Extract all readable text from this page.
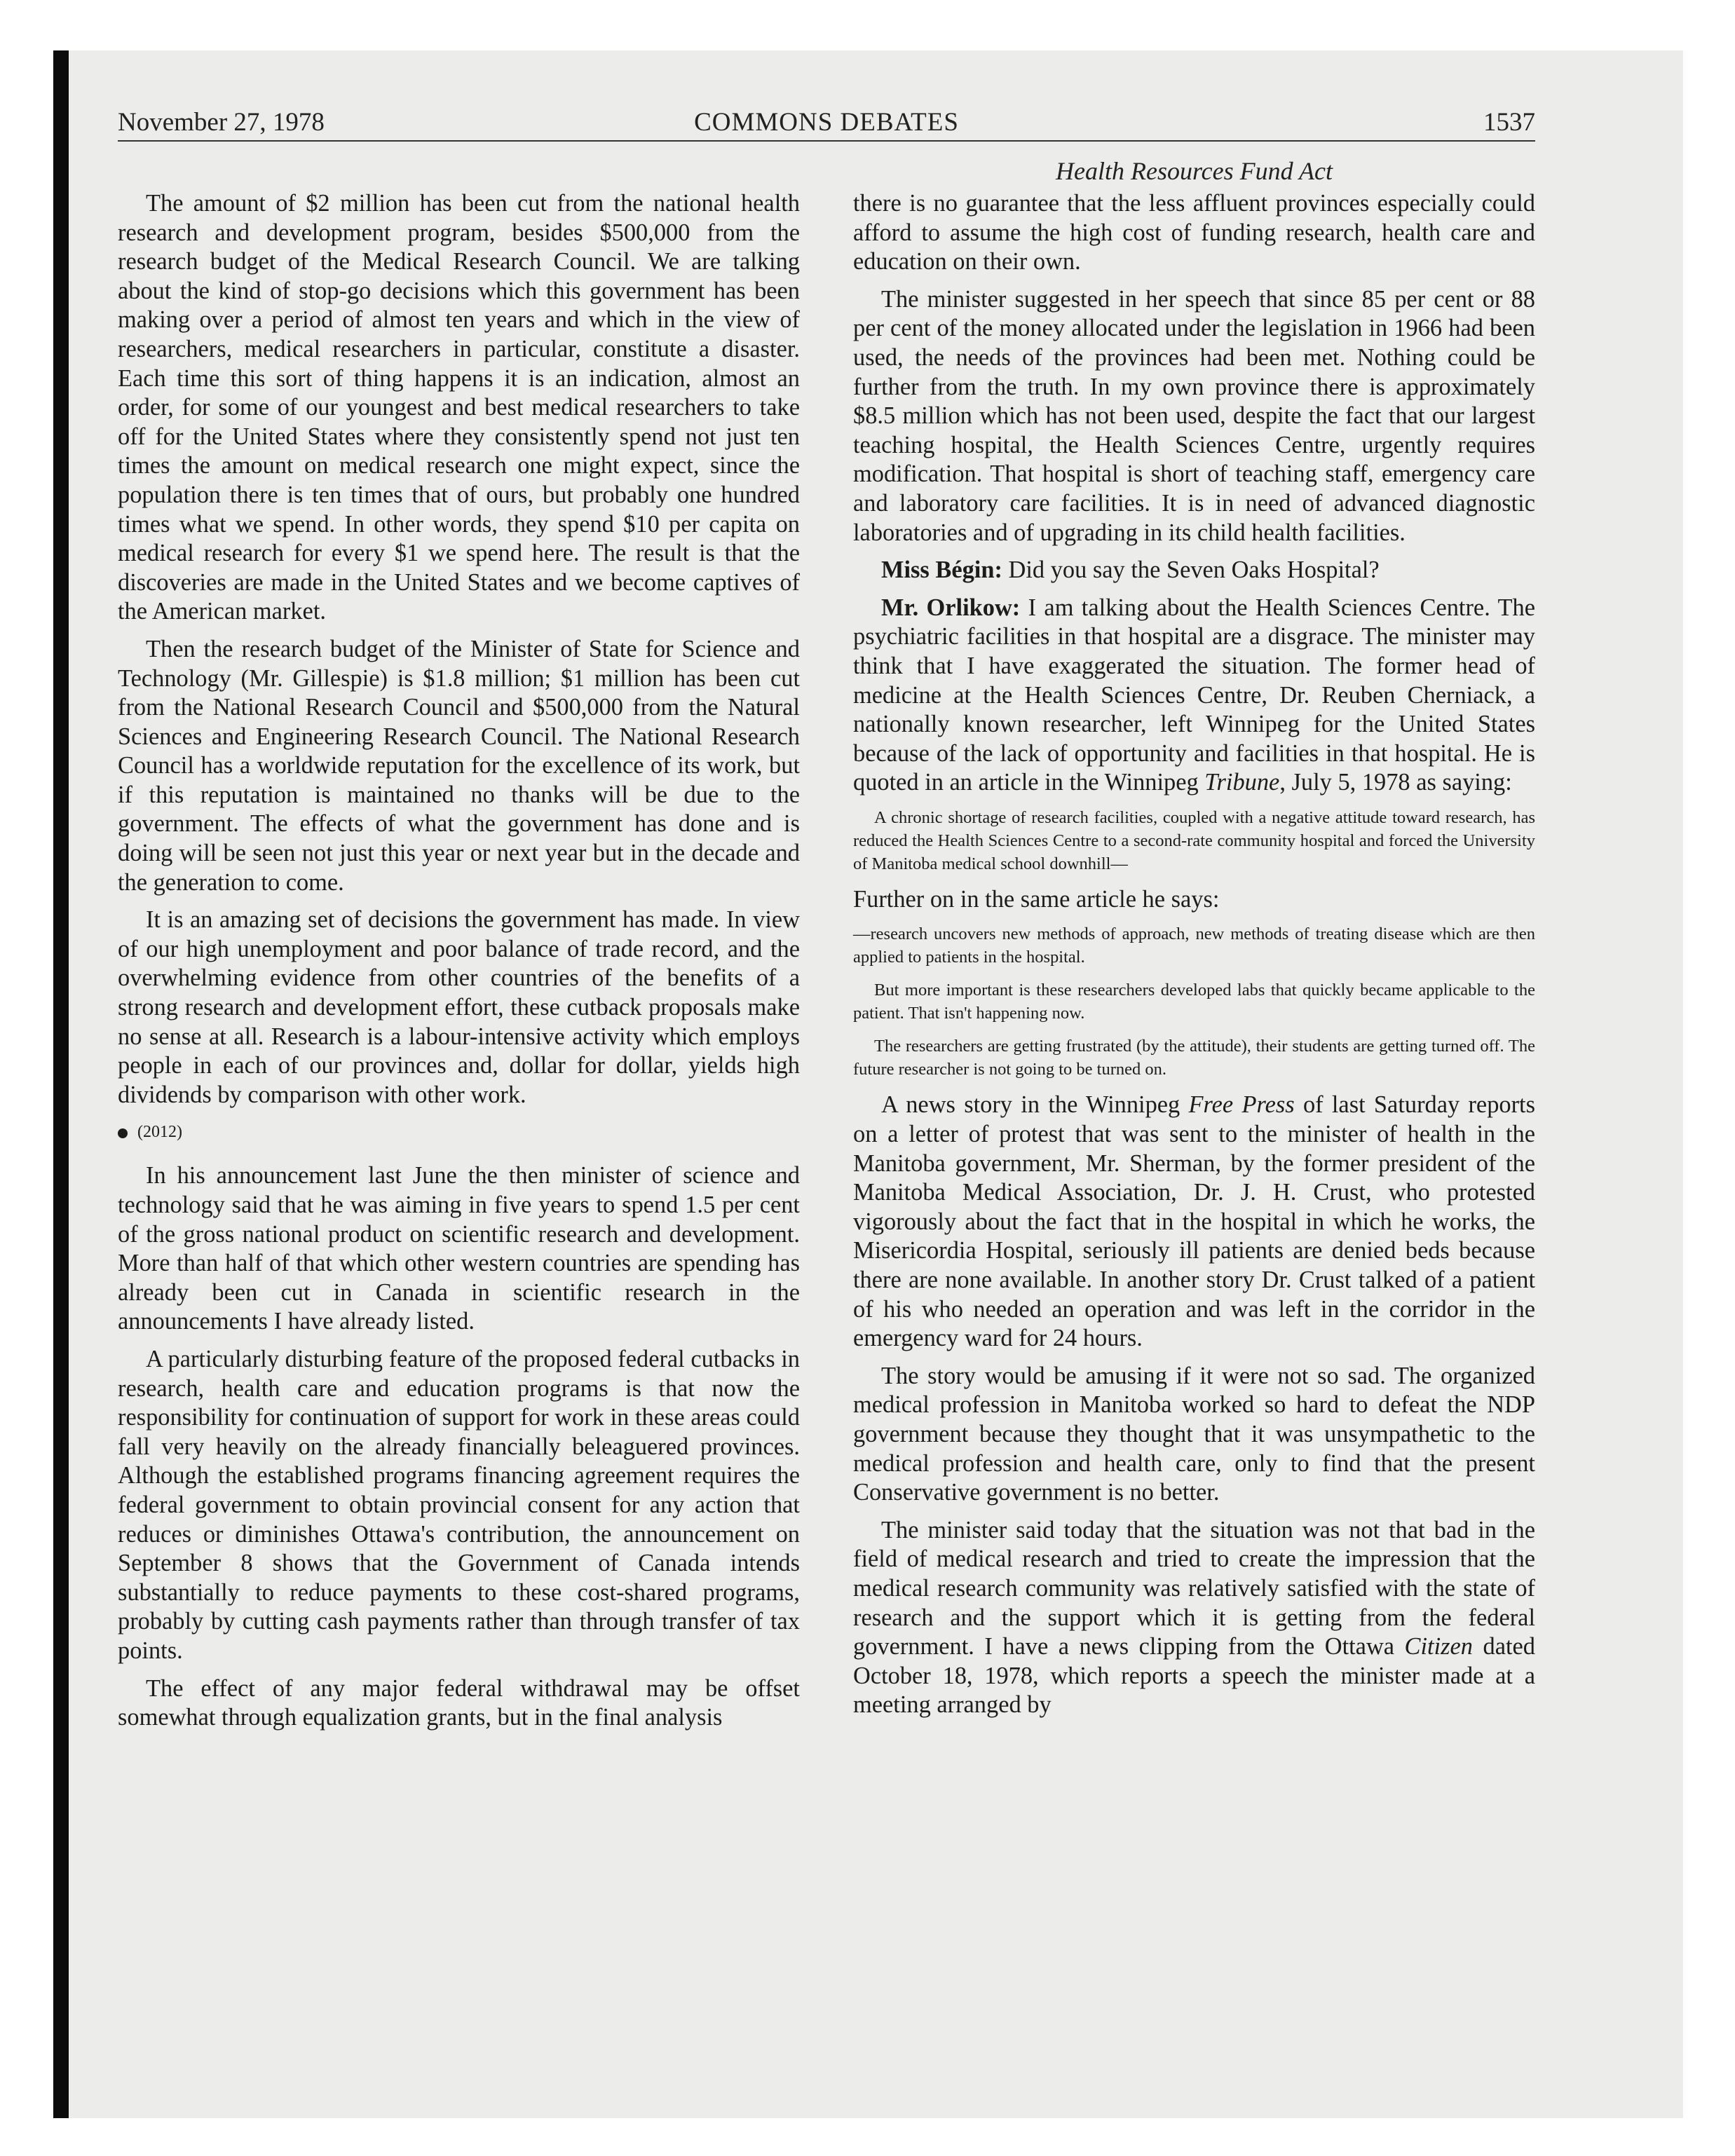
November 27, 1978	COMMONS DEBATES	1537
Health Resources Fund Act

The amount of $2 million has been cut from the national health research and development program, besides $500,000 from the research budget of the Medical Research Council. We are talking about the kind of stop-go decisions which this government has been making over a period of almost ten years and which in the view of researchers, medical researchers in particular, constitute a disaster. Each time this sort of thing happens it is an indication, almost an order, for some of our youngest and best medical researchers to take off for the United States where they consistently spend not just ten times the amount on medical research one might expect, since the population there is ten times that of ours, but probably one hundred times what we spend. In other words, they spend $10 per capita on medical research for every $1 we spend here. The result is that the discoveries are made in the United States and we become captives of the American market.

Then the research budget of the Minister of State for Science and Technology (Mr. Gillespie) is $1.8 million; $1 million has been cut from the National Research Council and $500,000 from the Natural Sciences and Engineering Research Council. The National Research Council has a worldwide reputation for the excellence of its work, but if this reputation is maintained no thanks will be due to the government. The effects of what the government has done and is doing will be seen not just this year or next year but in the decade and the generation to come.

It is an amazing set of decisions the government has made. In view of our high unemployment and poor balance of trade record, and the overwhelming evidence from other countries of the benefits of a strong research and development effort, these cutback proposals make no sense at all. Research is a labour-intensive activity which employs people in each of our provinces and, dollar for dollar, yields high dividends by comparison with other work.

(2012)

In his announcement last June the then minister of science and technology said that he was aiming in five years to spend 1.5 per cent of the gross national product on scientific research and development. More than half of that which other western countries are spending has already been cut in Canada in scientific research in the announcements I have already listed.

A particularly disturbing feature of the proposed federal cutbacks in research, health care and education programs is that now the responsibility for continuation of support for work in these areas could fall very heavily on the already financially beleaguered provinces. Although the established programs financing agreement requires the federal government to obtain provincial consent for any action that reduces or diminishes Ottawa's contribution, the announcement on September 8 shows that the Government of Canada intends substantially to reduce payments to these cost-shared programs, probably by cutting cash payments rather than through transfer of tax points.

The effect of any major federal withdrawal may be offset somewhat through equalization grants, but in the final analysis

there is no guarantee that the less affluent provinces especially could afford to assume the high cost of funding research, health care and education on their own.

The minister suggested in her speech that since 85 per cent or 88 per cent of the money allocated under the legislation in 1966 had been used, the needs of the provinces had been met. Nothing could be further from the truth. In my own province there is approximately $8.5 million which has not been used, despite the fact that our largest teaching hospital, the Health Sciences Centre, urgently requires modification. That hospital is short of teaching staff, emergency care and laboratory care facilities. It is in need of advanced diagnostic laboratories and of upgrading in its child health facilities.

Miss Bégin: Did you say the Seven Oaks Hospital?

Mr. Orlikow: I am talking about the Health Sciences Centre. The psychiatric facilities in that hospital are a disgrace. The minister may think that I have exaggerated the situation. The former head of medicine at the Health Sciences Centre, Dr. Reuben Cherniack, a nationally known researcher, left Winnipeg for the United States because of the lack of opportunity and facilities in that hospital. He is quoted in an article in the Winnipeg Tribune, July 5, 1978 as saying:

A chronic shortage of research facilities, coupled with a negative attitude toward research, has reduced the Health Sciences Centre to a second-rate community hospital and forced the University of Manitoba medical school downhill—

Further on in the same article he says:

—research uncovers new methods of approach, new methods of treating disease which are then applied to patients in the hospital.
But more important is these researchers developed labs that quickly became applicable to the patient. That isn't happening now.
The researchers are getting frustrated (by the attitude), their students are getting turned off. The future researcher is not going to be turned on.

A news story in the Winnipeg Free Press of last Saturday reports on a letter of protest that was sent to the minister of health in the Manitoba government, Mr. Sherman, by the former president of the Manitoba Medical Association, Dr. J. H. Crust, who protested vigorously about the fact that in the hospital in which he works, the Misericordia Hospital, seriously ill patients are denied beds because there are none available. In another story Dr. Crust talked of a patient of his who needed an operation and was left in the corridor in the emergency ward for 24 hours.

The story would be amusing if it were not so sad. The organized medical profession in Manitoba worked so hard to defeat the NDP government because they thought that it was unsympathetic to the medical profession and health care, only to find that the present Conservative government is no better.

The minister said today that the situation was not that bad in the field of medical research and tried to create the impression that the medical research community was relatively satisfied with the state of research and the support which it is getting from the federal government. I have a news clipping from the Ottawa Citizen dated October 18, 1978, which reports a speech the minister made at a meeting arranged by
